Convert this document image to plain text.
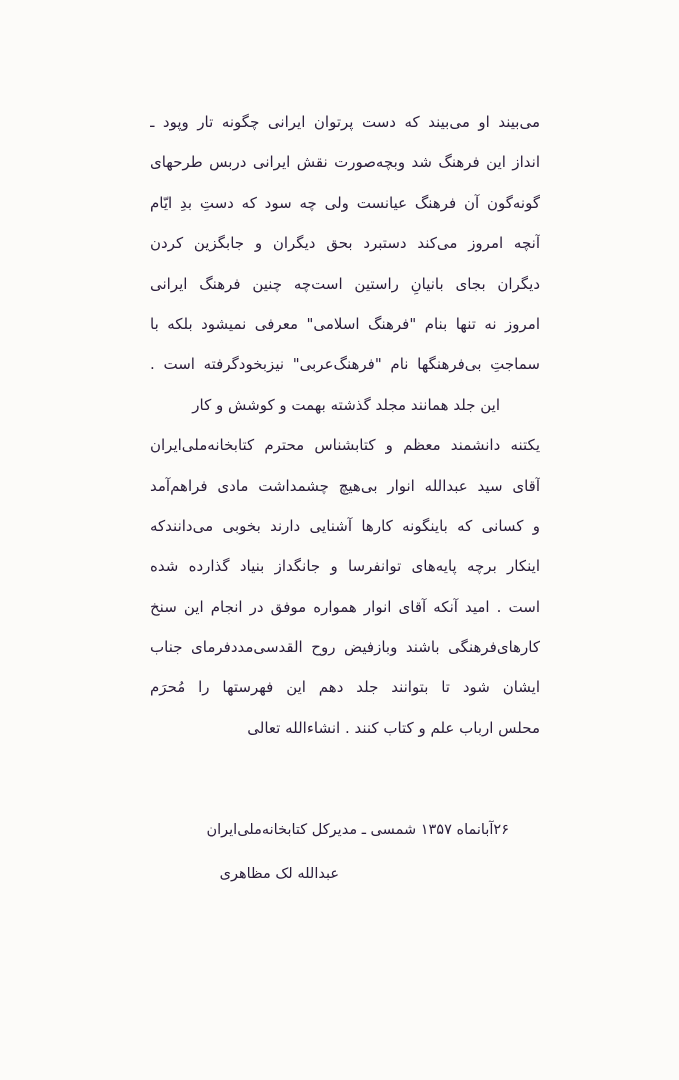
می‌بیند او می‌بیند که دست پرتوان ایرانی چگونه تار وپود ـ
انداز این فرهنگ شد وبچه‌صورت نقش ایرانی دربس طرحهای
گونه‌گون آن فرهنگ عیانست ولی چه سود که دستِ بدِ ایّام
آنچه امروز می‌کند دستبرد بحق دیگران و جابگزین کردن
دیگران بجای بانیانِ راستین است‌چه چنین فرهنگ ایرانی
امروز نه تنها بنام "فرهنگ اسلامی" معرفی نمیشود بلکه با
سماجتِ بی‌فرهنگها نام "فرهنگ‌عربی" نیزبخودگرفته است .
این جلد همانند مجلد گذشته بهمت و کوشش و کار
یکتنه دانشمند معظم و کتابشناس محترم کتابخانه‌ملی‌ایران
آقای سید عبدالله انوار بی‌هیچ چشمداشت مادی فراهم‌آمد
و کسانی که باینگونه کارها آشنایی دارند بخوبی می‌دانندکه
اینکار برچه پایه‌های توانفرسا و جانگداز بنیاد گذارده شده
است . امید آنکه آقای انوار همواره موفق در انجام این سنخ
کارهای‌فرهنگی باشند وبازفیض روح القدسی‌مددفرمای جناب
ایشان شود تا بتوانند جلد دهم این فهرستها را مُحرَم
محلس ارباب علم و کتاب کنند . انشاءالله تعالی
۲۶آبانماه ۱۳۵۷ شمسی ـ مدیرکل کتابخانه‌ملی‌ایران
عبدالله لک مظاهری
